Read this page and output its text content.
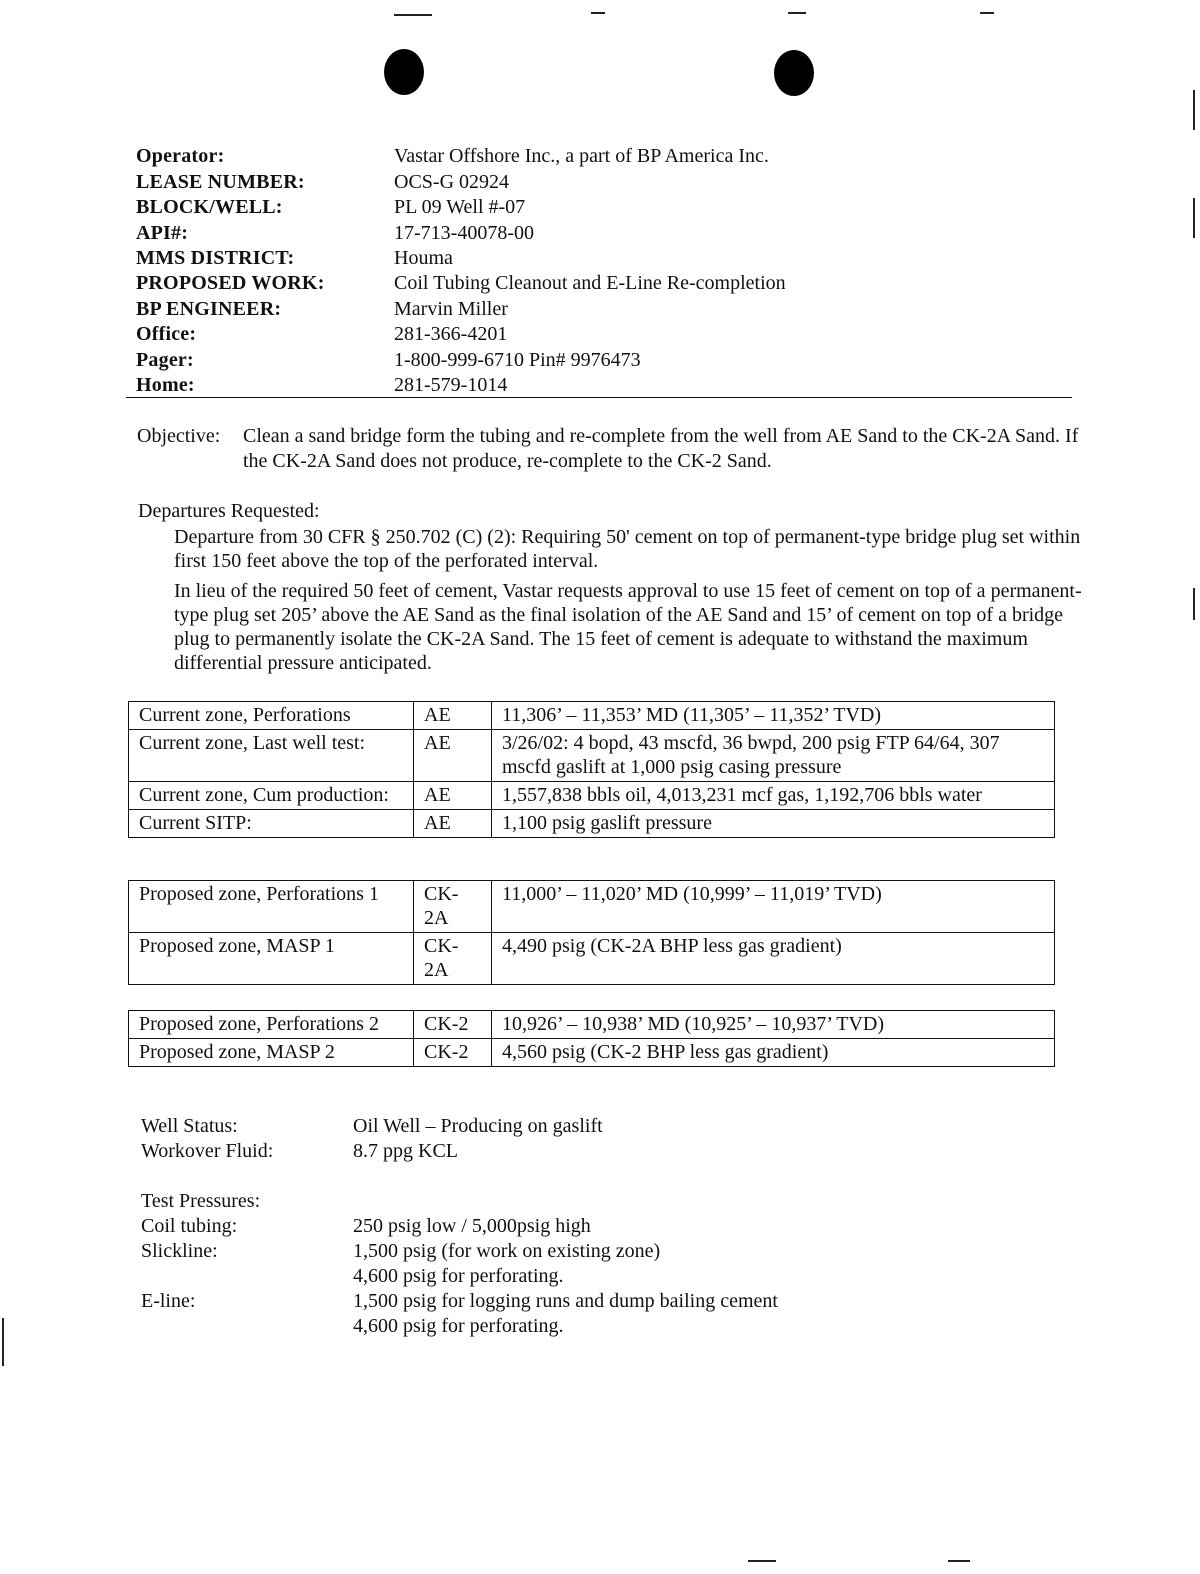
Operator:	Vastar Offshore Inc., a part of BP America Inc.
LEASE NUMBER:	OCS-G 02924
BLOCK/WELL:	PL 09 Well #-07
API#:	17-713-40078-00
MMS DISTRICT:	Houma
PROPOSED WORK:	Coil Tubing Cleanout and E-Line Re-completion
BP ENGINEER:	Marvin Miller
Office:	281-366-4201
Pager:	1-800-999-6710 Pin# 9976473
Home:	281-579-1014
Objective:	Clean a sand bridge form the tubing and re-complete from the well from AE Sand to the CK-2A Sand. If the CK-2A Sand does not produce, re-complete to the CK-2 Sand.
Departures Requested:
Departure from 30 CFR § 250.702 (C) (2): Requiring 50' cement on top of permanent-type bridge plug set within first 150 feet above the top of the perforated interval.
In lieu of the required 50 feet of cement, Vastar requests approval to use 15 feet of cement on top of a permanent-type plug set 205’ above the AE Sand as the final isolation of the AE Sand and 15’ of cement on top of a bridge plug to permanently isolate the CK-2A Sand. The 15 feet of cement is adequate to withstand the maximum differential pressure anticipated.
Current zone, Perforations	AE	11,306’ – 11,353’ MD (11,305’ – 11,352’ TVD)
Current zone, Last well test:	AE	3/26/02: 4 bopd, 43 mscfd, 36 bwpd, 200 psig FTP 64/64, 307 mscfd gaslift at 1,000 psig casing pressure
Current zone, Cum production:	AE	1,557,838 bbls oil, 4,013,231 mcf gas, 1,192,706 bbls water
Current SITP:	AE	1,100 psig gaslift pressure
Proposed zone, Perforations 1	CK-2A	11,000’ – 11,020’ MD (10,999’ – 11,019’ TVD)
Proposed zone, MASP 1	CK-2A	4,490 psig (CK-2A BHP less gas gradient)
Proposed zone, Perforations 2	CK-2	10,926’ – 10,938’ MD (10,925’ – 10,937’ TVD)
Proposed zone, MASP 2	CK-2	4,560 psig (CK-2 BHP less gas gradient)
Well Status:	Oil Well – Producing on gaslift
Workover Fluid:	8.7 ppg KCL
Test Pressures:
Coil tubing:	250 psig low / 5,000psig high
Slickline:	1,500 psig (for work on existing zone)
4,600 psig for perforating.
E-line:	1,500 psig for logging runs and dump bailing cement
4,600 psig for perforating.
